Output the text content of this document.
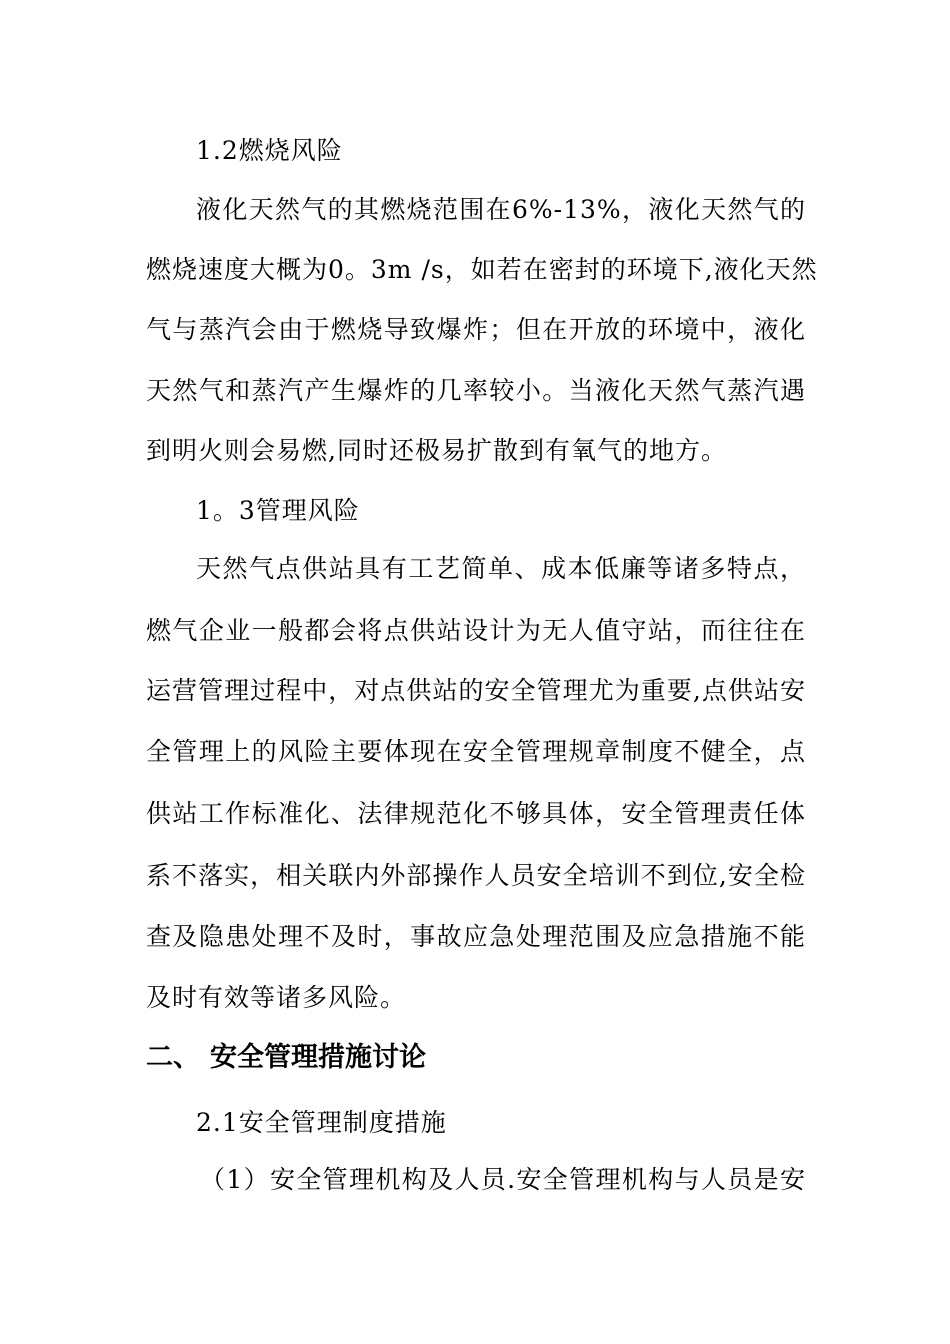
1.2燃烧风险
液化天然气的其燃烧范围在6%-13%，液化天然气的
燃烧速度大概为0。3m /s，如若在密封的环境下,液化天然
气与蒸汽会由于燃烧导致爆炸；但在开放的环境中，液化
天然气和蒸汽产生爆炸的几率较小。当液化天然气蒸汽遇
到明火则会易燃,同时还极易扩散到有氧气的地方。
1。3管理风险
天然气点供站具有工艺简单、成本低廉等诸多特点，
燃气企业一般都会将点供站设计为无人值守站，而往往在
运营管理过程中，对点供站的安全管理尤为重要,点供站安
全管理上的风险主要体现在安全管理规章制度不健全，点
供站工作标准化、法律规范化不够具体，安全管理责任体
系不落实，相关联内外部操作人员安全培训不到位,安全检
查及隐患处理不及时，事故应急处理范围及应急措施不能
及时有效等诸多风险。
二、 安全管理措施讨论
2.1安全管理制度措施
（1）安全管理机构及人员.安全管理机构与人员是安
